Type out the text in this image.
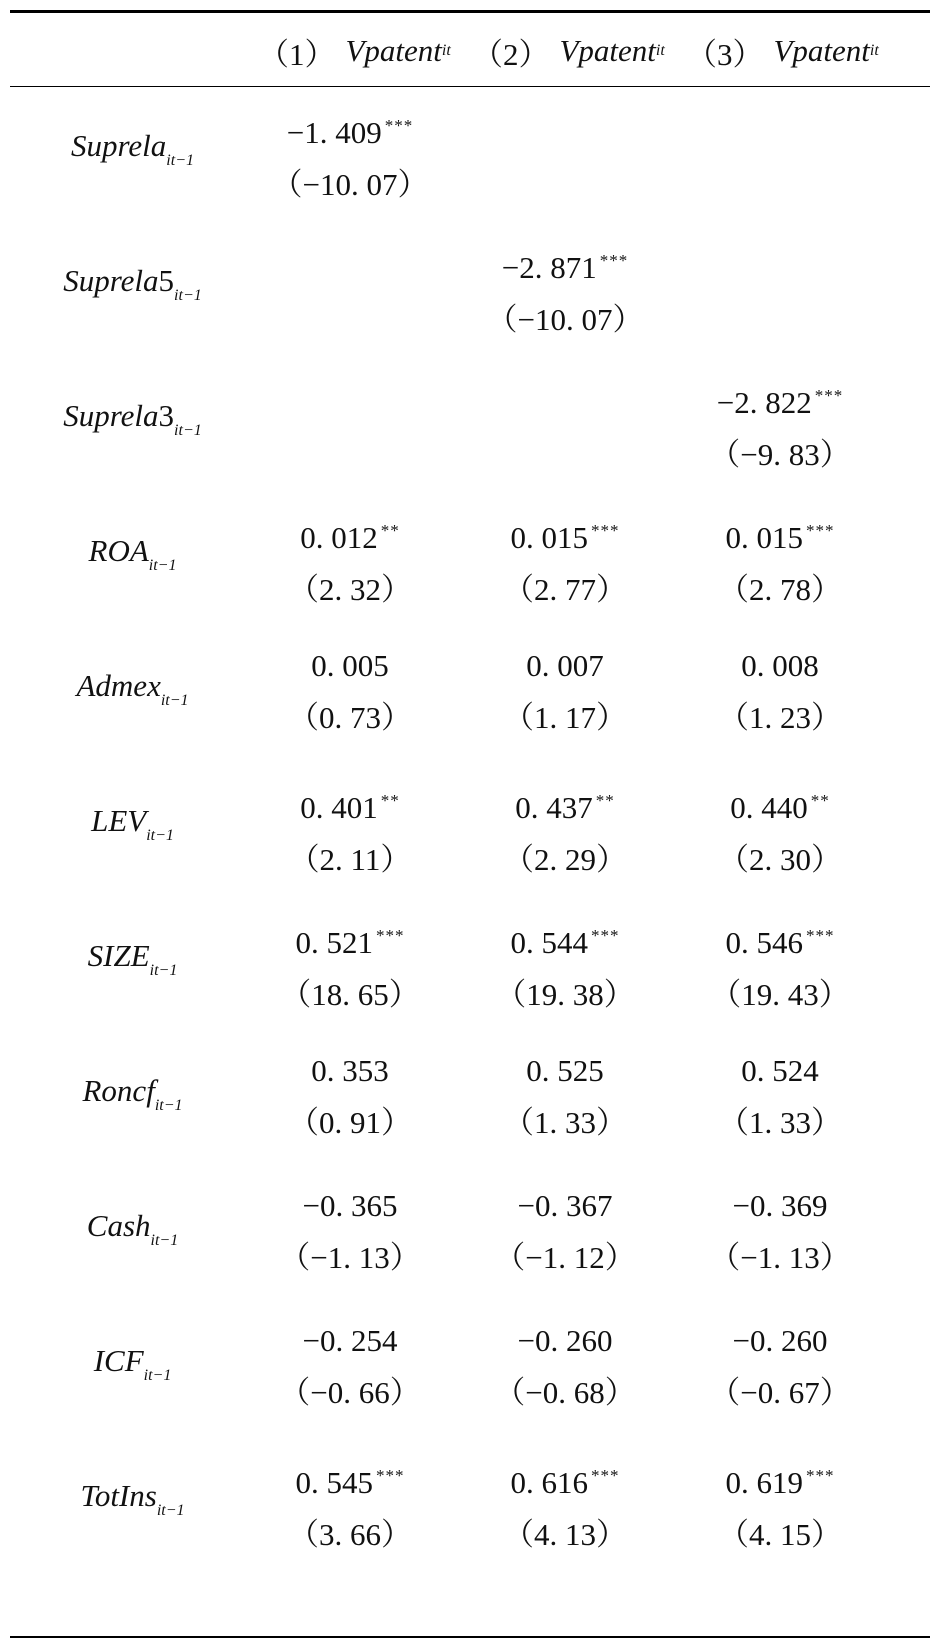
（1） Vpatent it （2） Vpatent it （3） Vpatent it
Suprela$_{it-1}$
−1. 409 ***
（−10. 07）
$Suprela5_{it-1}$
−2. 871 ***
（−10. 07）
$Suprela3_{it-1}$
−2. 822 ***
（−9. 83）
$ROA_{it-1}$
0. 012 **
（2. 32）
0. 015 ***
（2. 77）
0. 015 ***
（2. 78）
Admex$_{it-1}$
0. 005
（0. 73）
0. 007
（1. 17）
0. 008
（1. 23）
$LEV_{it-1}$
0. 401 **
（2. 11）
0. 437 **
（2. 29）
0. 440 **
（2. 30）
$SIZE_{it-1}$
0. 521 ***
（18. 65）
0. 544 ***
（19. 38）
0. 546 ***
（19. 43）
Roncf$_{it-1}$
0. 353
（0. 91）
0. 525
（1. 33）
0. 524
（1. 33）
Cash$_{it-1}$
−0. 365
（−1. 13）
−0. 367
（−1. 12）
−0. 369
（−1. 13）
$ICF_{it-1}$
−0. 254
（−0. 66）
−0. 260
（−0. 68）
−0. 260
（−0. 67）
TotIns$_{it-1}$
0. 545 ***
（3. 66）
0. 616 ***
（4. 13）
0. 619 ***
（4. 15）
